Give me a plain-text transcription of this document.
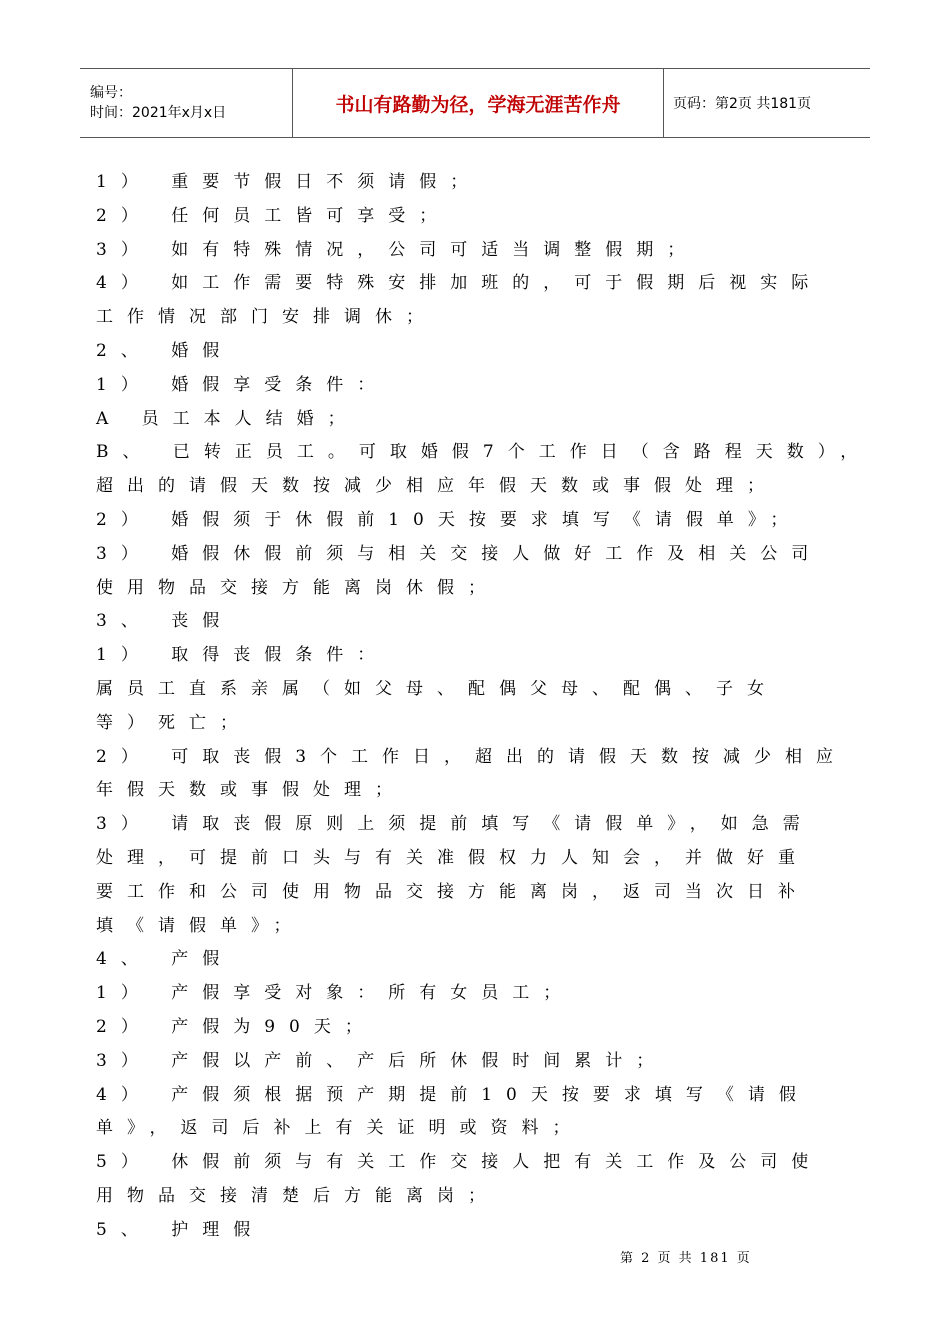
编号：
时间：2021年x月x日	书山有路勤为径，学海无涯苦作舟	页码：第2页 共181页
1） 重要节假日不须请假；
2） 任何员工皆可享受；
3） 如有特殊情况，公司可适当调整假期；
4） 如工作需要特殊安排加班的，可于假期后视实际
工作情况部门安排调休；
2、 婚假
1） 婚假享受条件：
A 员工本人结婚；
B、 已转正员工。可取婚假7个工作日（含路程天数），
超出的请假天数按减少相应年假天数或事假处理；
2） 婚假须于休假前10天按要求填写《请假单》；
3） 婚假休假前须与相关交接人做好工作及相关公司
使用物品交接方能离岗休假；
3、 丧假
1） 取得丧假条件：
属员工直系亲属（如父母、配偶父母、配偶、子女
等）死亡；
2） 可取丧假3个工作日，超出的请假天数按减少相应
年假天数或事假处理；
3） 请取丧假原则上须提前填写《请假单》，如急需
处理，可提前口头与有关准假权力人知会，并做好重
要工作和公司使用物品交接方能离岗，返司当次日补
填《请假单》；
4、 产假
1） 产假享受对象：所有女员工；
2） 产假为90天；
3） 产假以产前、产后所休假时间累计；
4） 产假须根据预产期提前10天按要求填写《请假
单》，返司后补上有关证明或资料；
5） 休假前须与有关工作交接人把有关工作及公司使
用物品交接清楚后方能离岗；
5、 护理假
第 2 页 共 181 页
